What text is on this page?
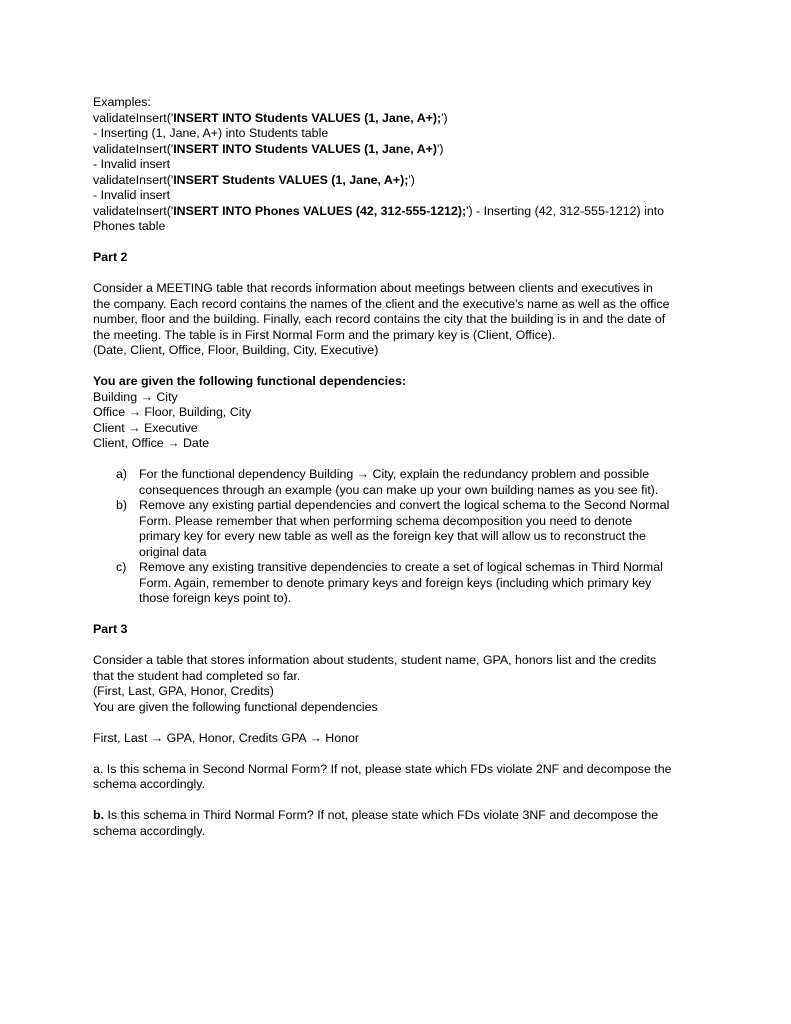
Examples:
validateInsert('INSERT INTO Students VALUES (1, Jane, A+);')
- Inserting (1, Jane, A+) into Students table
validateInsert('INSERT INTO Students VALUES (1, Jane, A+)')
- Invalid insert
validateInsert('INSERT Students VALUES (1, Jane, A+);')
- Invalid insert
validateInsert('INSERT INTO Phones VALUES (42, 312-555-1212);') - Inserting (42, 312-555-1212) into
Phones table
Part 2
Consider a MEETING table that records information about meetings between clients and executives in
the company. Each record contains the names of the client and the executive’s name as well as the office
number, floor and the building. Finally, each record contains the city that the building is in and the date of
the meeting. The table is in First Normal Form and the primary key is (Client, Office).
(Date, Client, Office, Floor, Building, City, Executive)
You are given the following functional dependencies:
Building → City
Office → Floor, Building, City
Client → Executive
Client, Office → Date
a) For the functional dependency Building → City, explain the redundancy problem and possible
consequences through an example (you can make up your own building names as you see fit).
b) Remove any existing partial dependencies and convert the logical schema to the Second Normal
Form. Please remember that when performing schema decomposition you need to denote
primary key for every new table as well as the foreign key that will allow us to reconstruct the
original data
c) Remove any existing transitive dependencies to create a set of logical schemas in Third Normal
Form. Again, remember to denote primary keys and foreign keys (including which primary key
those foreign keys point to).
Part 3
Consider a table that stores information about students, student name, GPA, honors list and the credits
that the student had completed so far.
(First, Last, GPA, Honor, Credits)
You are given the following functional dependencies
First, Last → GPA, Honor, Credits GPA → Honor
a. Is this schema in Second Normal Form? If not, please state which FDs violate 2NF and decompose the
schema accordingly.
b. Is this schema in Third Normal Form? If not, please state which FDs violate 3NF and decompose the
schema accordingly.
